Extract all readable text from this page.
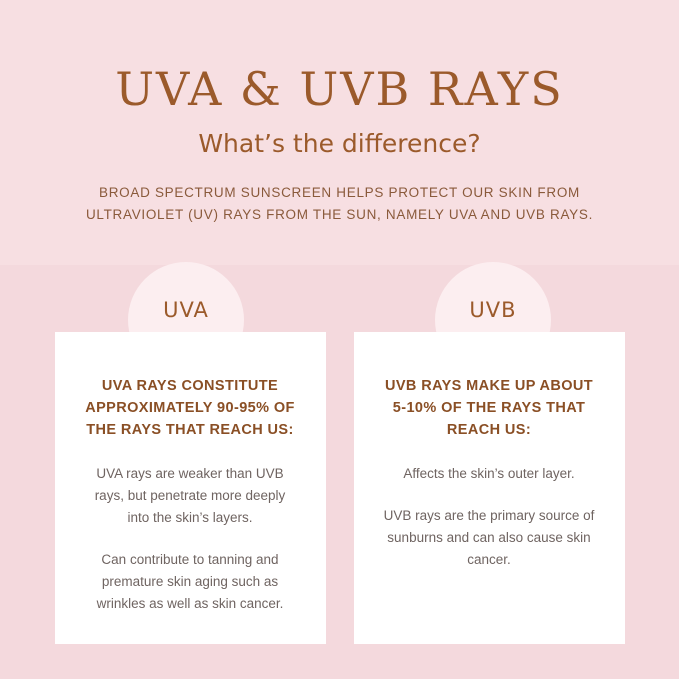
UVA & UVB RAYS
What’s the difference?

BROAD SPECTRUM SUNSCREEN HELPS PROTECT OUR SKIN FROM ULTRAVIOLET (UV) RAYS FROM THE SUN, NAMELY UVA AND UVB RAYS.

UVA	UVB
UVA RAYS CONSTITUTE APPROXIMATELY 90-95% OF THE RAYS THAT REACH US:

UVA rays are weaker than UVB rays, but penetrate more deeply into the skin’s layers.

Can contribute to tanning and premature skin aging such as wrinkles as well as skin cancer.

UVB RAYS MAKE UP ABOUT 5-10% OF THE RAYS THAT REACH US:

Affects the skin’s outer layer.

UVB rays are the primary source of sunburns and can also cause skin cancer.
